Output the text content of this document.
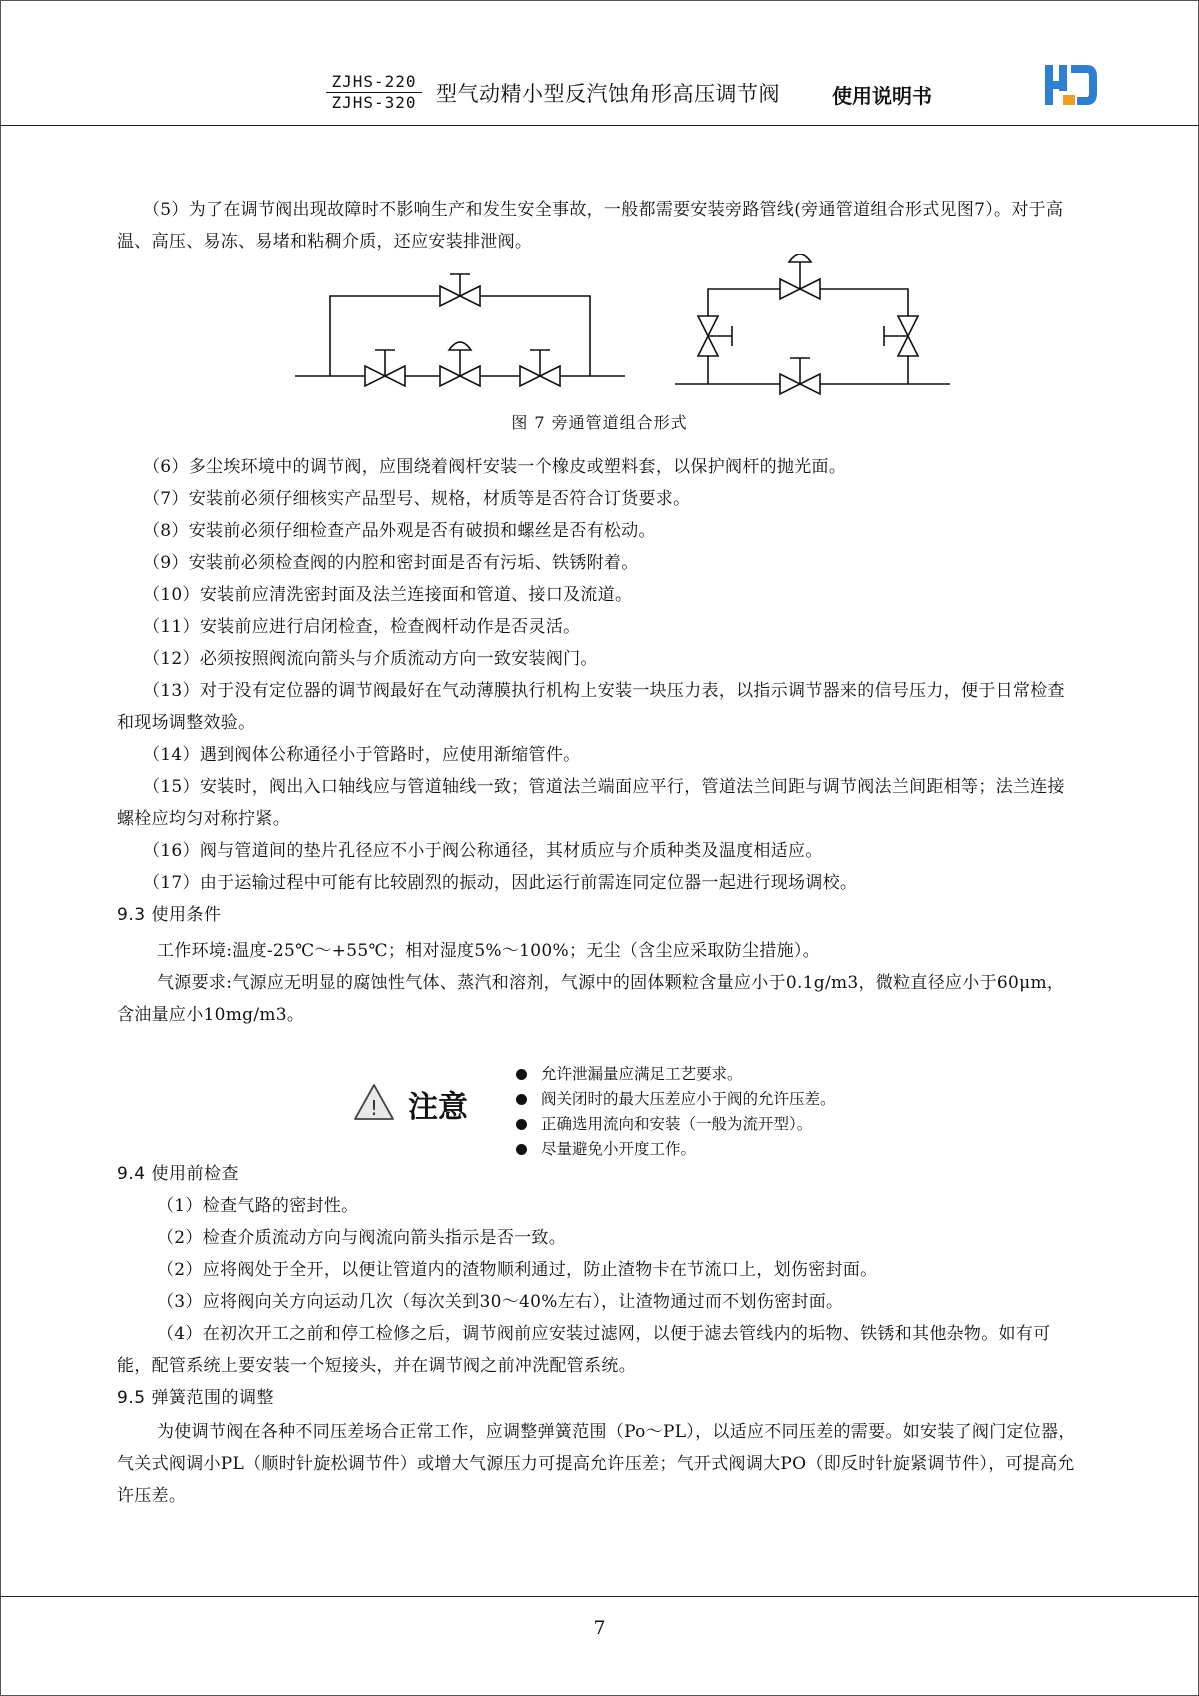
ZJHS-220
ZJHS-320 型气动精小型反汽蚀角形高压调节阀	使用说明书
（5）为了在调节阀出现故障时不影响生产和发生安全事故，一般都需要安装旁路管线(旁通管道组合形式见图7）。对于高温、高压、易冻、易堵和粘稠介质，还应安装排泄阀。
图 7 旁通管道组合形式
（6）多尘埃环境中的调节阀，应围绕着阀杆安装一个橡皮或塑料套，以保护阀杆的抛光面。
（7）安装前必须仔细核实产品型号、规格，材质等是否符合订货要求。
（8）安装前必须仔细检查产品外观是否有破损和螺丝是否有松动。
（9）安装前必须检查阀的内腔和密封面是否有污垢、铁锈附着。
（10）安装前应清洗密封面及法兰连接面和管道、接口及流道。
（11）安装前应进行启闭检查，检查阀杆动作是否灵活。
（12）必须按照阀流向箭头与介质流动方向一致安装阀门。
（13）对于没有定位器的调节阀最好在气动薄膜执行机构上安装一块压力表，以指示调节器来的信号压力，便于日常检查和现场调整效验。
（14）遇到阀体公称通径小于管路时，应使用渐缩管件。
（15）安装时，阀出入口轴线应与管道轴线一致；管道法兰端面应平行，管道法兰间距与调节阀法兰间距相等；法兰连接螺栓应均匀对称拧紧。
（16）阀与管道间的垫片孔径应不小于阀公称通径，其材质应与介质种类及温度相适应。
（17）由于运输过程中可能有比较剧烈的振动，因此运行前需连同定位器一起进行现场调校。
9.3 使用条件
工作环境:温度-25℃～+55℃；相对湿度5%～100%；无尘（含尘应采取防尘措施）。
气源要求:气源应无明显的腐蚀性气体、蒸汽和溶剂，气源中的固体颗粒含量应小于0.1g/m3，微粒直径应小于60μm，含油量应小10mg/m3。
! 注意
允许泄漏量应满足工艺要求。
阀关闭时的最大压差应小于阀的允许压差。
正确选用流向和安装（一般为流开型）。
尽量避免小开度工作。
9.4 使用前检查
（1）检查气路的密封性。
（2）检查介质流动方向与阀流向箭头指示是否一致。
（2）应将阀处于全开，以便让管道内的渣物顺利通过，防止渣物卡在节流口上，划伤密封面。
（3）应将阀向关方向运动几次（每次关到30～40%左右），让渣物通过而不划伤密封面。
（4）在初次开工之前和停工检修之后，调节阀前应安装过滤网，以便于滤去管线内的垢物、铁锈和其他杂物。如有可能，配管系统上要安装一个短接头，并在调节阀之前冲洗配管系统。
9.5 弹簧范围的调整
为使调节阀在各种不同压差场合正常工作，应调整弹簧范围（Po～PL），以适应不同压差的需要。如安装了阀门定位器，气关式阀调小PL（顺时针旋松调节件）或增大气源压力可提高允许压差；气开式阀调大PO（即反时针旋紧调节件），可提高允许压差。
7
